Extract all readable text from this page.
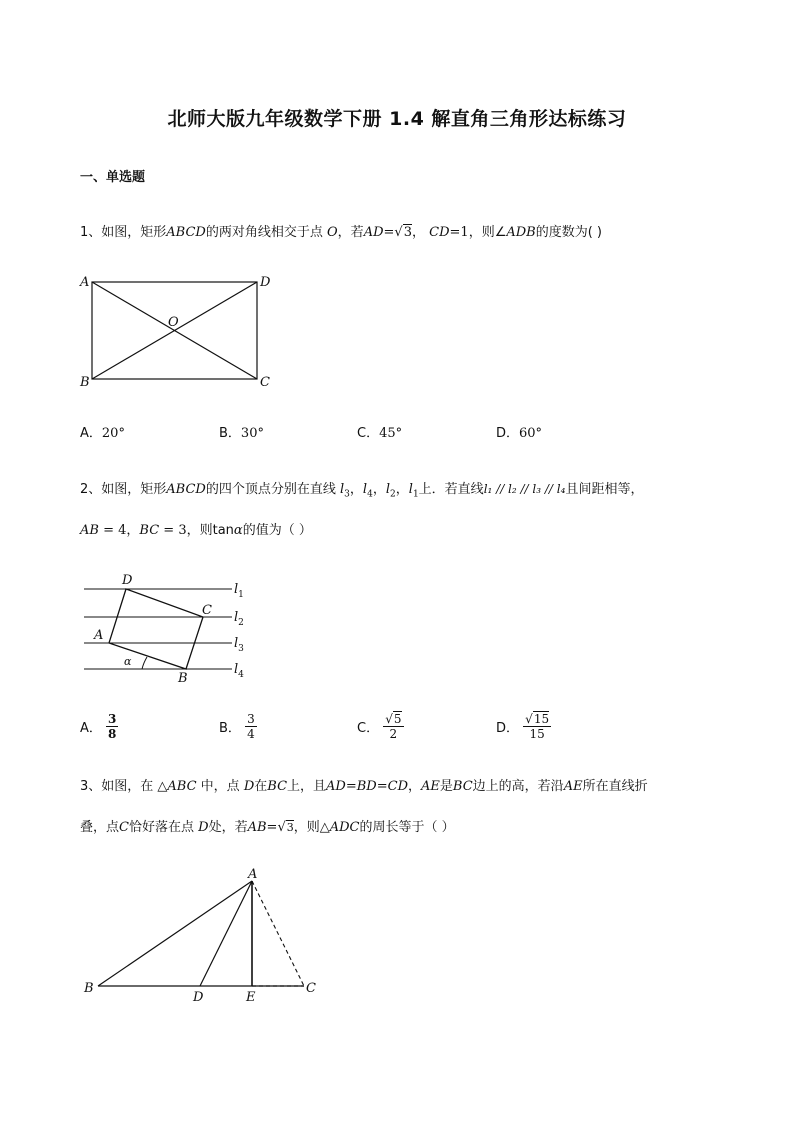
北师大版九年级数学下册 1.4 解直角三角形达标练习
一、单选题
1、如图，矩形ABCD的两对角线相交于点 O，若AD=√3， CD=1，则∠ADB的度数为( )
A	D
B	C
O
A．20°	B．30°	C．45°	D．60°
2、如图，矩形ABCD的四个顶点分别在直线 $l_3$，$l_4$，$l_2$，$l_1$上．若直线l₁ // l₂ // l₃ // l₄且间距相等，
AB = 4，BC = 3，则tanα的值为（ ）
D
C
A
B
α
$l_1$
$l_2$
$l_3$
$l_4$
A． $\frac{3}{8}$	B． $\frac{3}{4}$	C． $\frac{√5}{2}$	D． $\frac{√15}{15}$
3、如图，在 △ABC 中，点 D在BC上，且AD=BD=CD，AE是BC边上的高，若沿AE所在直线折
叠，点C恰好落在点 D处，若AB=√3，则△ADC的周长等于（ ）
A
B	C
D	E
